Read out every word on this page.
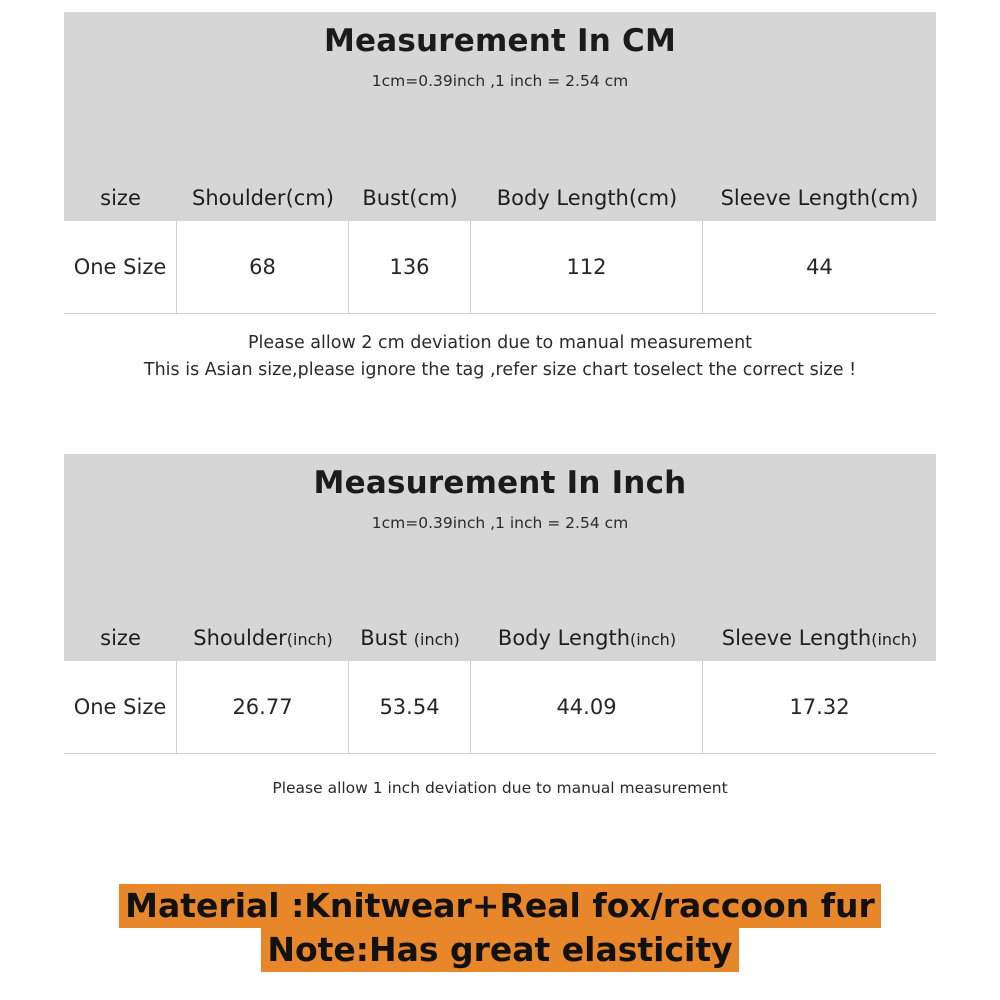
Measurement In CM
1cm=0.39inch ,1 inch = 2.54 cm
size	Shoulder(cm)	Bust(cm)	Body Length(cm)	Sleeve Length(cm)
One Size	68	136	112	44
Please allow 2 cm deviation due to manual measurement
This is Asian size,please ignore the tag ,refer size chart toselect the correct size !
Measurement In Inch
1cm=0.39inch ,1 inch = 2.54 cm
size	Shoulder(inch)	Bust (inch)	Body Length(inch)	Sleeve Length(inch)
One Size	26.77	53.54	44.09	17.32
Please allow 1 inch deviation due to manual measurement
Material :Knitwear+Real fox/raccoon fur
Note:Has great elasticity
